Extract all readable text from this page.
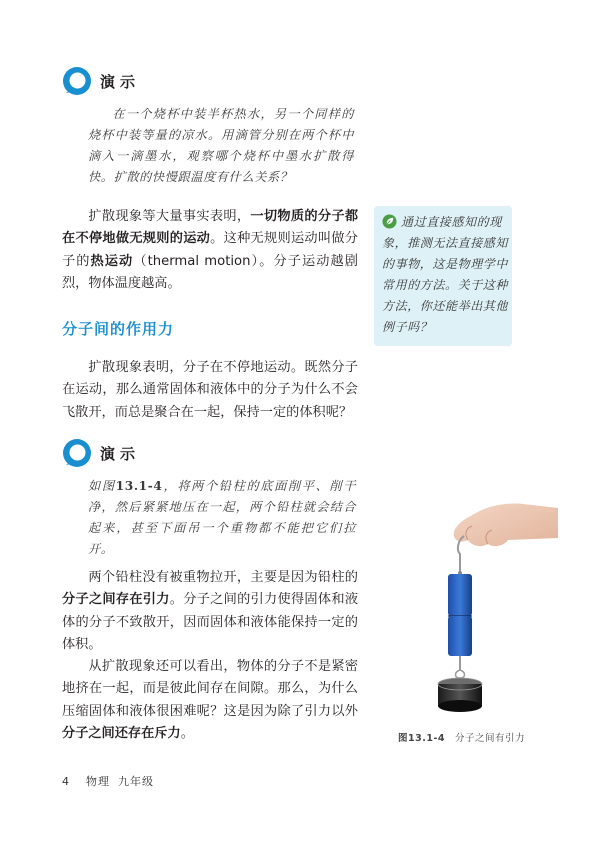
演示
在一个烧杯中装半杯热水，另一个同样的烧杯中装等量的凉水。用滴管分别在两个杯中滴入一滴墨水，观察哪个烧杯中墨水扩散得快。扩散的快慢跟温度有什么关系？
扩散现象等大量事实表明，一切物质的分子都在不停地做无规则的运动。这种无规则运动叫做分子的热运动（thermal motion）。分子运动越剧烈，物体温度越高。
通过直接感知的现象，推测无法直接感知的事物，这是物理学中常用的方法。关于这种方法，你还能举出其他例子吗？
分子间的作用力
扩散现象表明，分子在不停地运动。既然分子在运动，那么通常固体和液体中的分子为什么不会飞散开，而总是聚合在一起，保持一定的体积呢？
演示
如图13.1-4，将两个铅柱的底面削平、削干净，然后紧紧地压在一起，两个铅柱就会结合起来，甚至下面吊一个重物都不能把它们拉开。
两个铅柱没有被重物拉开，主要是因为铅柱的分子之间存在引力。分子之间的引力使得固体和液体的分子不致散开，因而固体和液体能保持一定的体积。
从扩散现象还可以看出，物体的分子不是紧密地挤在一起，而是彼此间存在间隙。那么，为什么压缩固体和液体很困难呢？这是因为除了引力以外分子之间还存在斥力。	图13.1-4 分子之间有引力
4 物理 九年级
